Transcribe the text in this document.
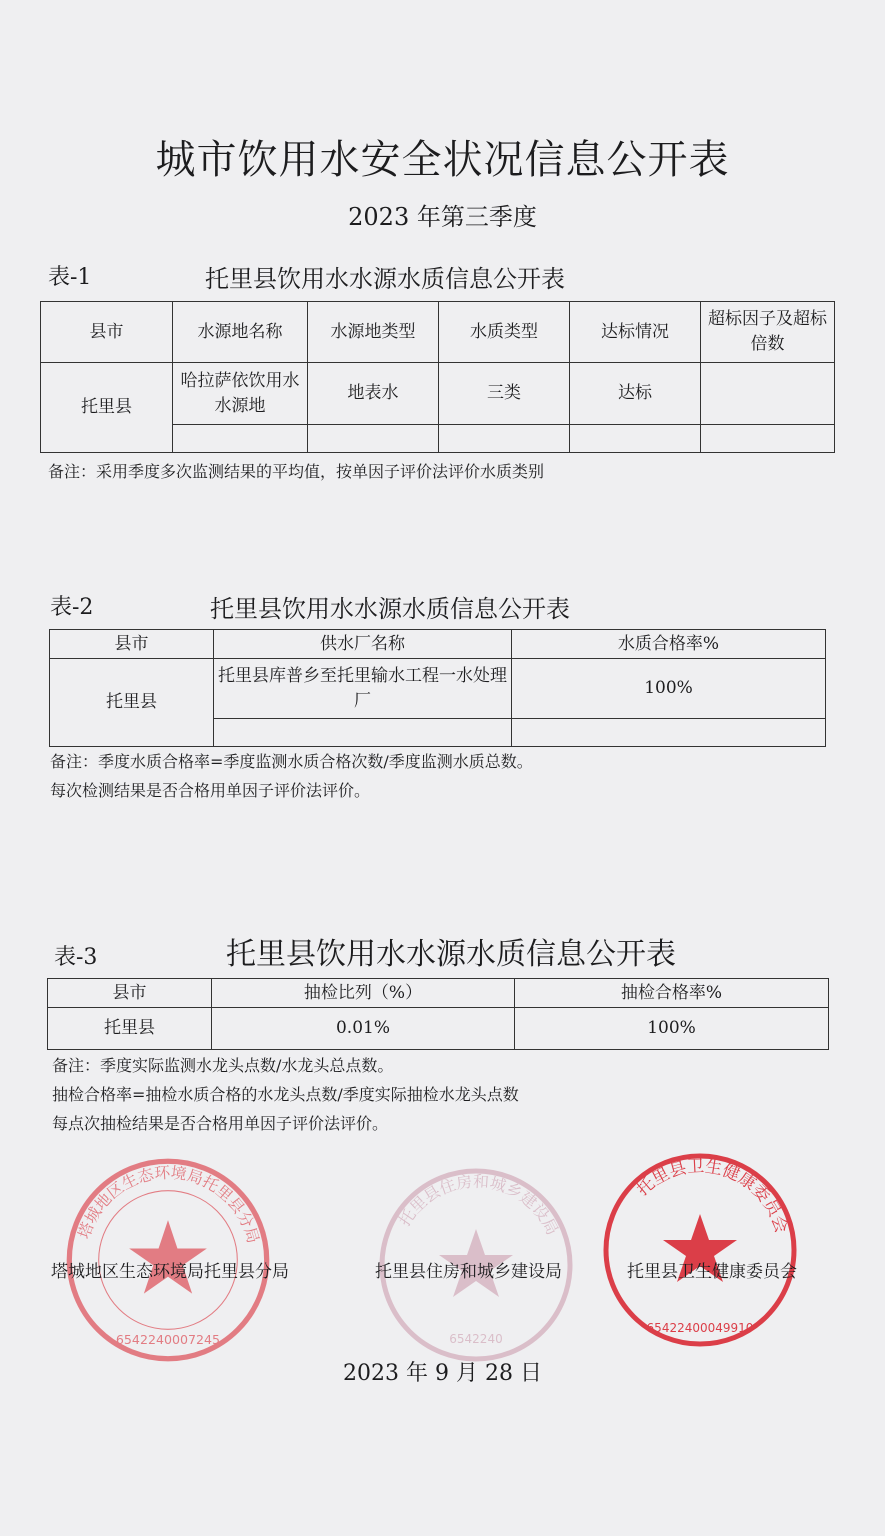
城市饮用水安全状况信息公开表
2023 年第三季度
表-1	托里县饮用水水源水质信息公开表
县市	水源地名称	水源地类型	水质类型	达标情况	超标因子及超标倍数
托里县	哈拉萨依饮用水水源地	地表水	三类	达标	

备注：采用季度多次监测结果的平均值，按单因子评价法评价水质类别
表-2	托里县饮用水水源水质信息公开表
县市	供水厂名称	水质合格率%
托里县	托里县库普乡至托里输水工程一水处理厂	100%

备注：季度水质合格率=季度监测水质合格次数/季度监测水质总数。
每次检测结果是否合格用单因子评价法评价。
表-3	托里县饮用水水源水质信息公开表
县市	抽检比列（%）	抽检合格率%
托里县	0.01%	100%
备注：季度实际监测水龙头点数/水龙头总点数。
抽检合格率=抽检水质合格的水龙头点数/季度实际抽检水龙头点数
每点次抽检结果是否合格用单因子评价法评价。
塔城地区生态环境局托里县分局
6542240007245
托里县住房和城乡建设局
6542240
托里县卫生健康委员会
65422400049910
塔城地区生态环境局托里县分局	托里县住房和城乡建设局	托里县卫生健康委员会
2023 年 9 月 28 日
